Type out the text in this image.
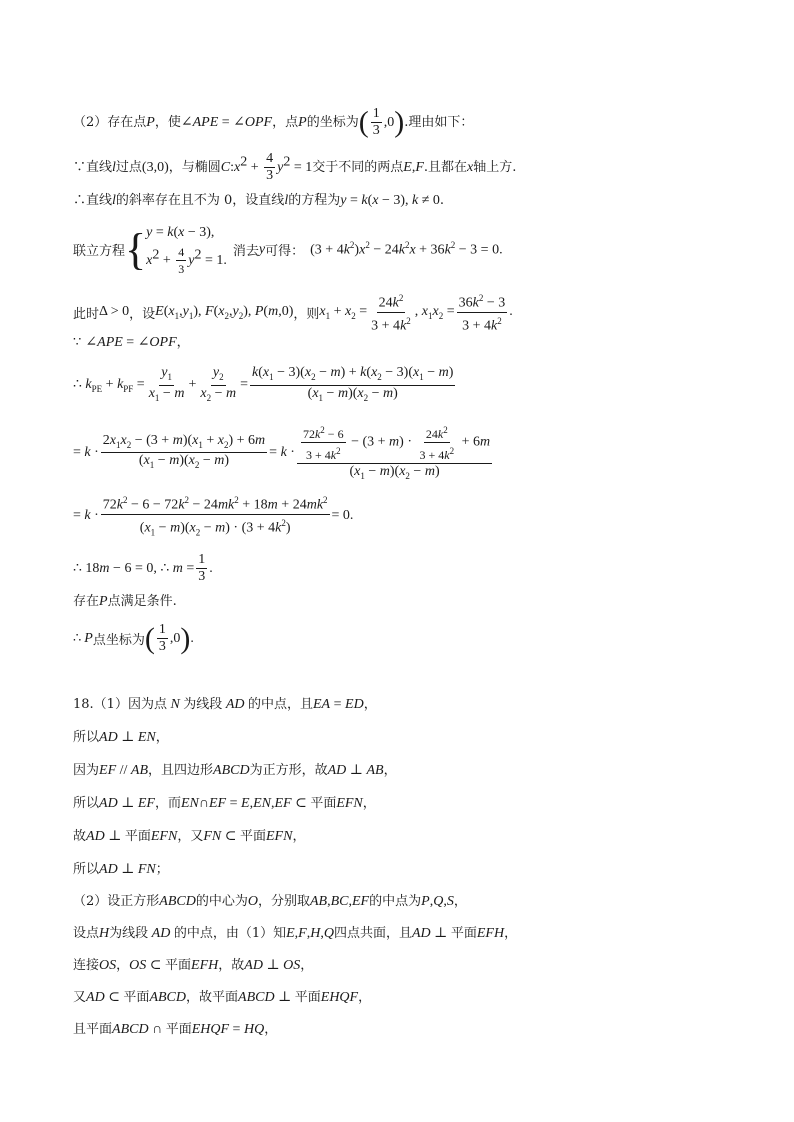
（2）存在点P，使∠APE = ∠OPF，点P的坐标为( $\frac{1}{3} ,0$).理由如下：
∵直线l过点(3,0)，与椭圆$C:x^2 + \frac{4}{3} y^2 = 1$交于不同的两点E,F.且都在x轴上方.
∴直线l的斜率存在且不为 0，设直线l的方程为y = k(x − 3), k ≠ 0.
联立方程 { y = k(x − 3),
$x^2 + \frac{4}{3} y^2 = 1$.
消去 y 可得： $(3 + 4k^2)x^2 - 24k^2x + 36k^2 - 3 = 0$.
此时 Δ > 0 ，设 $E(x_1,y_1)$, $F(x_2,y_2)$, P(m,0) ，则 $x_1 + x_2 = \frac{24k^2}{3 + 4k^2}$ , $x_1x_2 = \frac{36k^2 - 3}{3 + 4k^2}$ .
∵ ∠APE = ∠OPF，
∴ $k_{PE} + k_{PF} = \frac{y_1}{x_1 - m} + \frac{y_2}{x_2 - m} = \frac{k(x_1 - 3)(x_2 - m) + k(x_2 - 3)(x_1 - m)}{(x_1 - m)(x_2 - m)}$
= $k \cdot \frac{2x_1x_2 - (3 + m)(x_1 + x_2) + 6m}{(x_1 - m)(x_2 - m)} = k \cdot \frac{\frac{72k^2 - 6}{3 + 4k^2} - (3 + m) \cdot \frac{24k^2}{3 + 4k^2} + 6m}{(x_1 - m)(x_2 - m)}$
= $k \cdot \frac{72k^2 - 6 - 72k^2 - 24mk^2 + 18m + 24mk^2}{(x_1 - m)(x_2 - m) \cdot (3 + 4k^2)} = 0$.
∴ 18m − 6 = 0, ∴ $m = \frac{1}{3}$ .
存在P点满足条件.
∴ P 点坐标为 ( $\frac{1}{3} ,0$ ) .
18.（1）因为点 N 为线段 AD 的中点，且EA = ED，
所以AD ⊥ EN，
因为EF // AB，且四边形ABCD为正方形，故AD ⊥ AB，
所以AD ⊥ EF，而EN∩EF = E,EN,EF ⊂ 平面EFN，
故AD ⊥ 平面EFN，又FN ⊂ 平面EFN，
所以AD ⊥ FN；
（2）设正方形ABCD的中心为O，分别取AB,BC,EF的中点为P,Q,S，
设点H为线段 AD 的中点，由（1）知E,F,H,Q四点共面，且AD ⊥ 平面EFH，
连接OS，OS ⊂ 平面EFH，故AD ⊥ OS，
又AD ⊂ 平面ABCD，故平面ABCD ⊥ 平面EHQF，
且平面ABCD ∩ 平面EHQF = HQ，
